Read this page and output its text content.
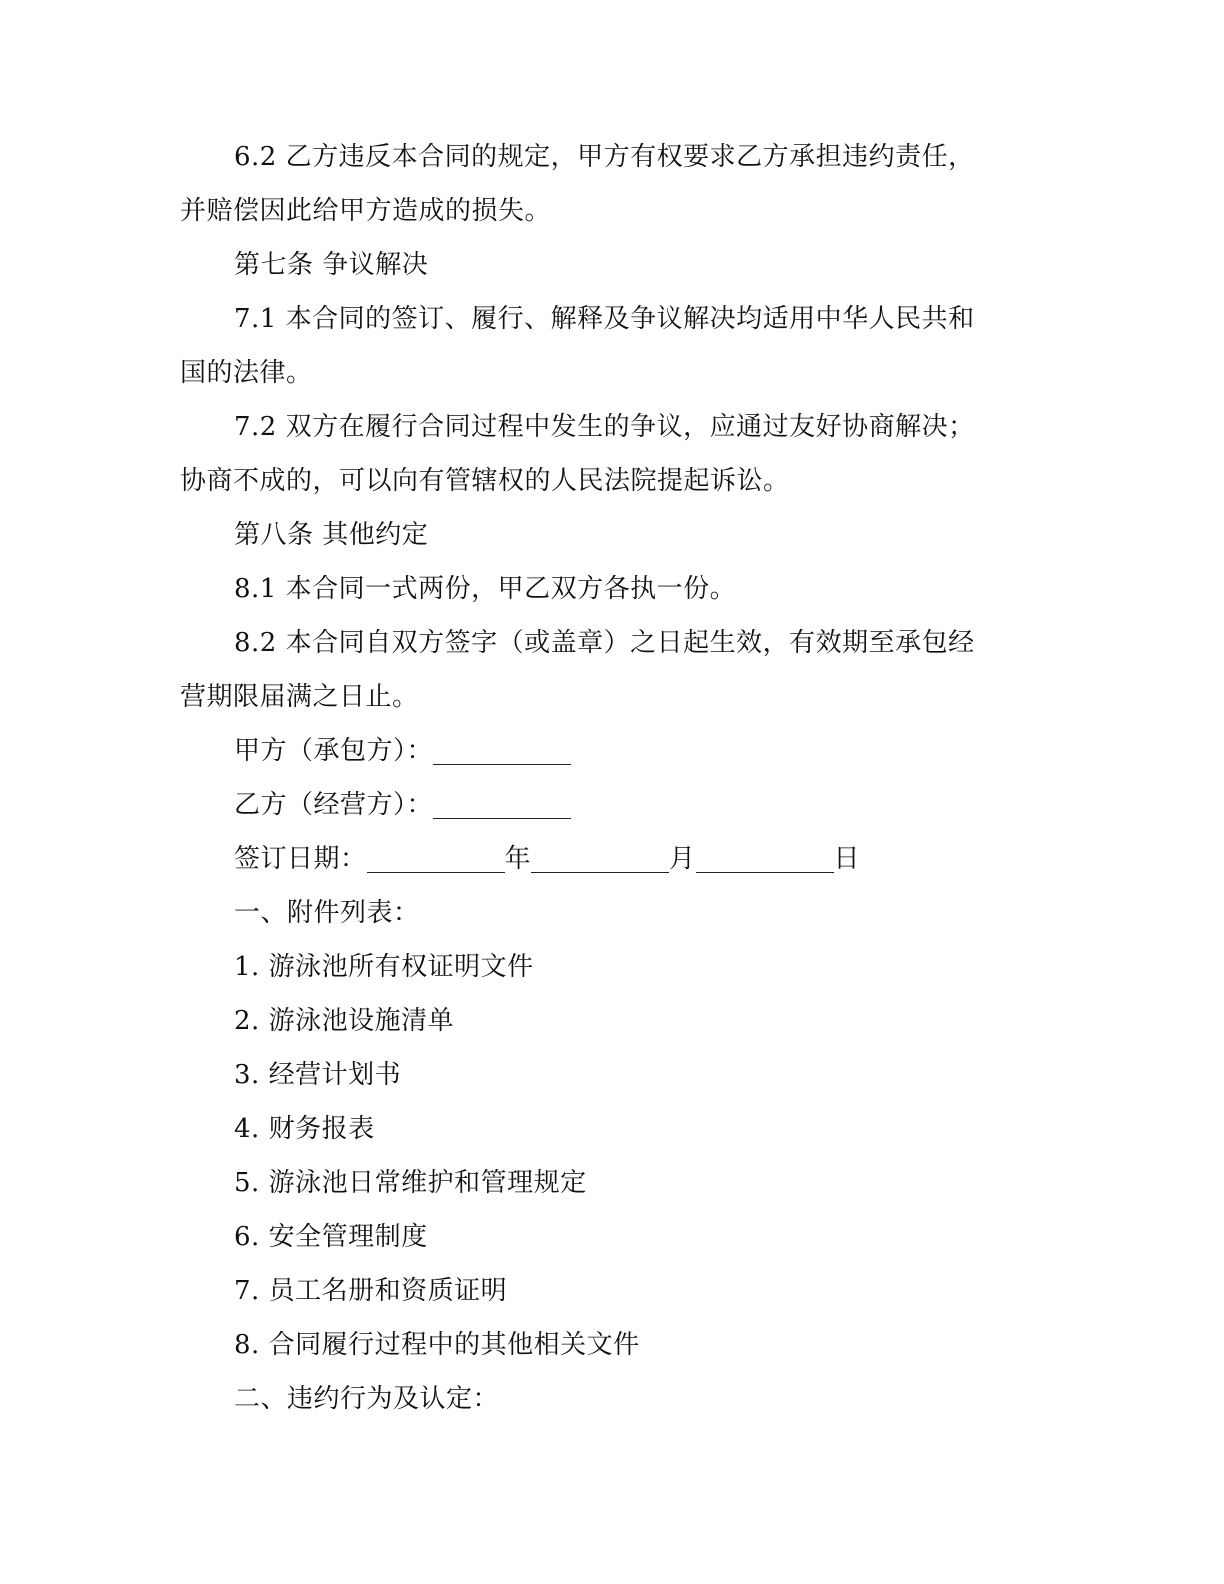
6.2 乙方违反本合同的规定，甲方有权要求乙方承担违约责任，
并赔偿因此给甲方造成的损失。
第七条 争议解决
7.1 本合同的签订、履行、解释及争议解决均适用中华人民共和
国的法律。
7.2 双方在履行合同过程中发生的争议，应通过友好协商解决；
协商不成的，可以向有管辖权的人民法院提起诉讼。
第八条 其他约定
8.1 本合同一式两份，甲乙双方各执一份。
8.2 本合同自双方签字（或盖章）之日起生效，有效期至承包经
营期限届满之日止。
甲方（承包方）：
乙方（经营方）：
签订日期：	年	月	日
一、附件列表：
1. 游泳池所有权证明文件
2. 游泳池设施清单
3. 经营计划书
4. 财务报表
5. 游泳池日常维护和管理规定
6. 安全管理制度
7. 员工名册和资质证明
8. 合同履行过程中的其他相关文件
二、违约行为及认定：
